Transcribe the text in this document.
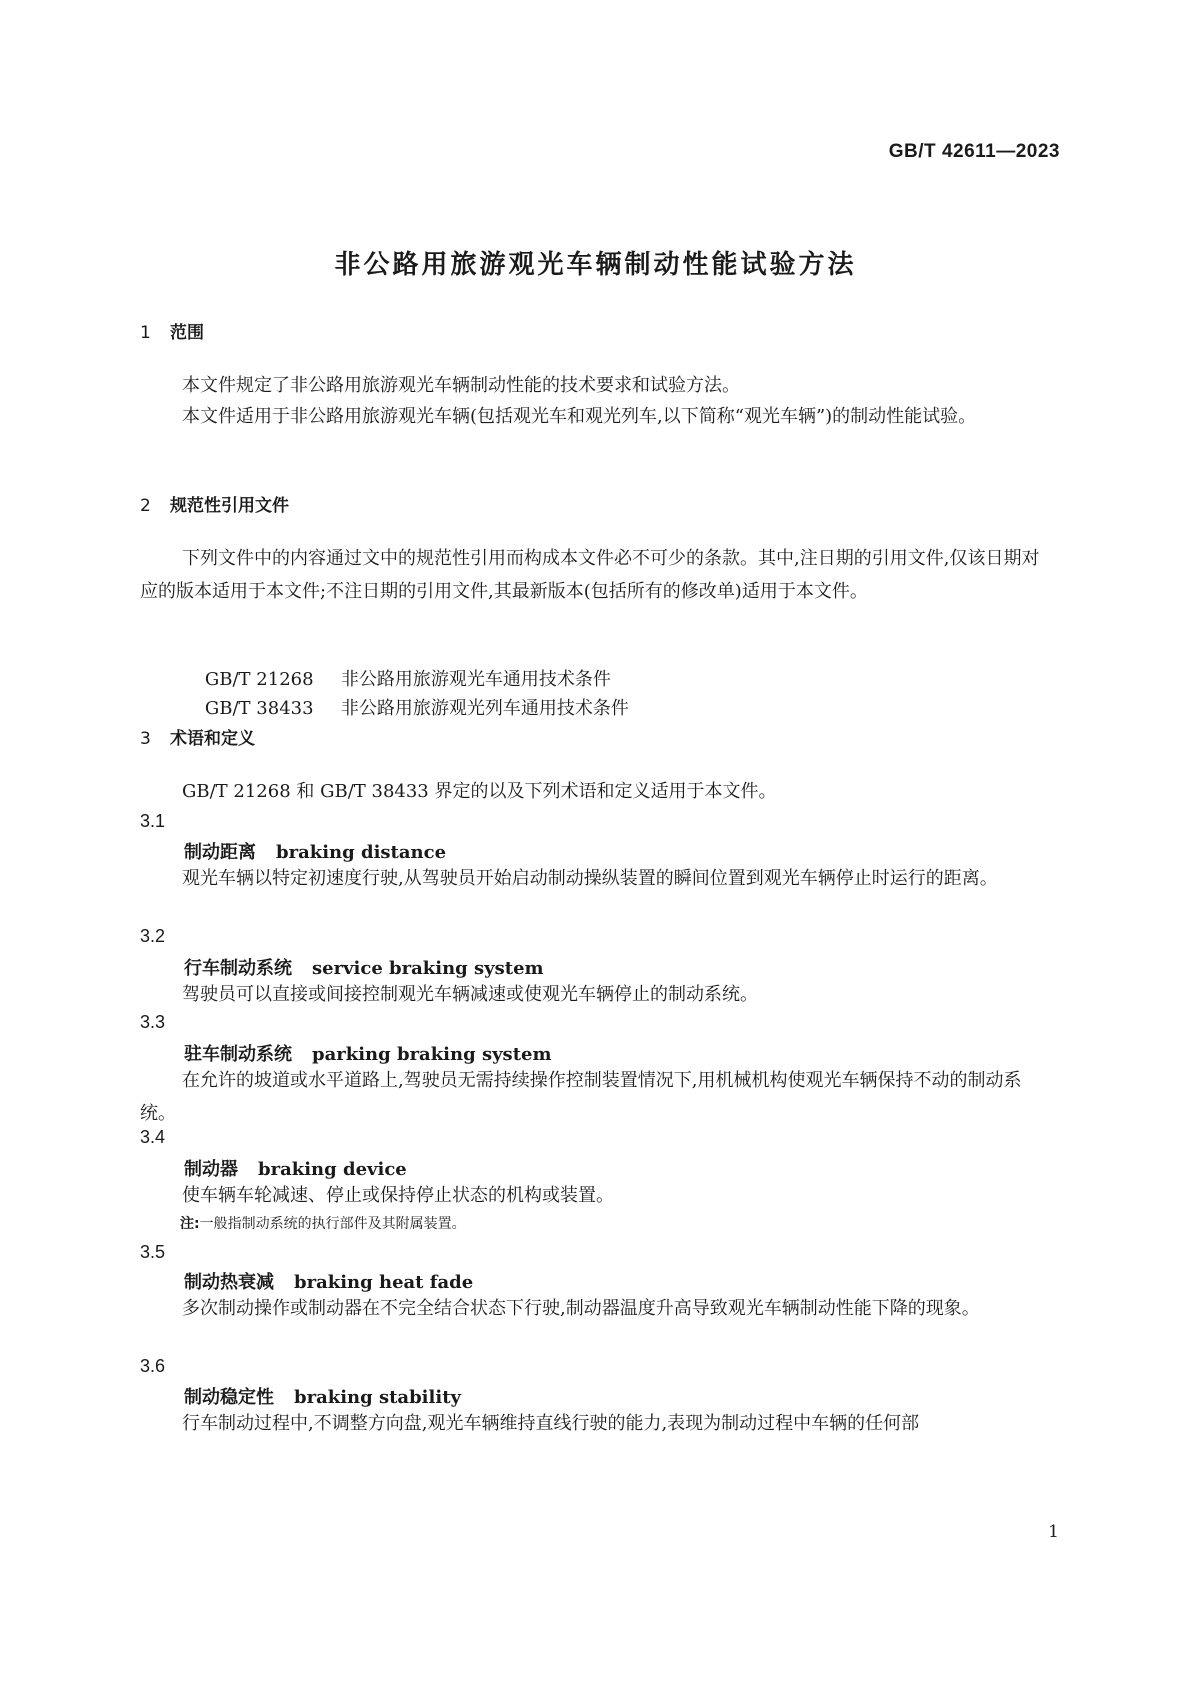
GB/T 42611—2023
非公路用旅游观光车辆制动性能试验方法
1 范围
本文件规定了非公路用旅游观光车辆制动性能的技术要求和试验方法。
本文件适用于非公路用旅游观光车辆(包括观光车和观光列车,以下简称“观光车辆”)的制动性能试验。
2 规范性引用文件
下列文件中的内容通过文中的规范性引用而构成本文件必不可少的条款。其中,注日期的引用文件,仅该日期对应的版本适用于本文件;不注日期的引用文件,其最新版本(包括所有的修改单)适用于本文件。

GB/T 21268 非公路用旅游观光车通用技术条件

GB/T 38433 非公路用旅游观光列车通用技术条件

3 术语和定义
GB/T 21268 和 GB/T 38433 界定的以及下列术语和定义适用于本文件。
3.1
制动距离 braking distance
观光车辆以特定初速度行驶,从驾驶员开始启动制动操纵装置的瞬间位置到观光车辆停止时运行的距离。
3.2
行车制动系统 service braking system
驾驶员可以直接或间接控制观光车辆减速或使观光车辆停止的制动系统。
3.3
驻车制动系统 parking braking system
在允许的坡道或水平道路上,驾驶员无需持续操作控制装置情况下,用机械机构使观光车辆保持不动的制动系统。
3.4
制动器 braking device
使车辆车轮减速、停止或保持停止状态的机构或装置。
注:一般指制动系统的执行部件及其附属装置。
3.5
制动热衰减 braking heat fade
多次制动操作或制动器在不完全结合状态下行驶,制动器温度升高导致观光车辆制动性能下降的现象。
3.6
制动稳定性 braking stability
行车制动过程中,不调整方向盘,观光车辆维持直线行驶的能力,表现为制动过程中车辆的任何部
1
